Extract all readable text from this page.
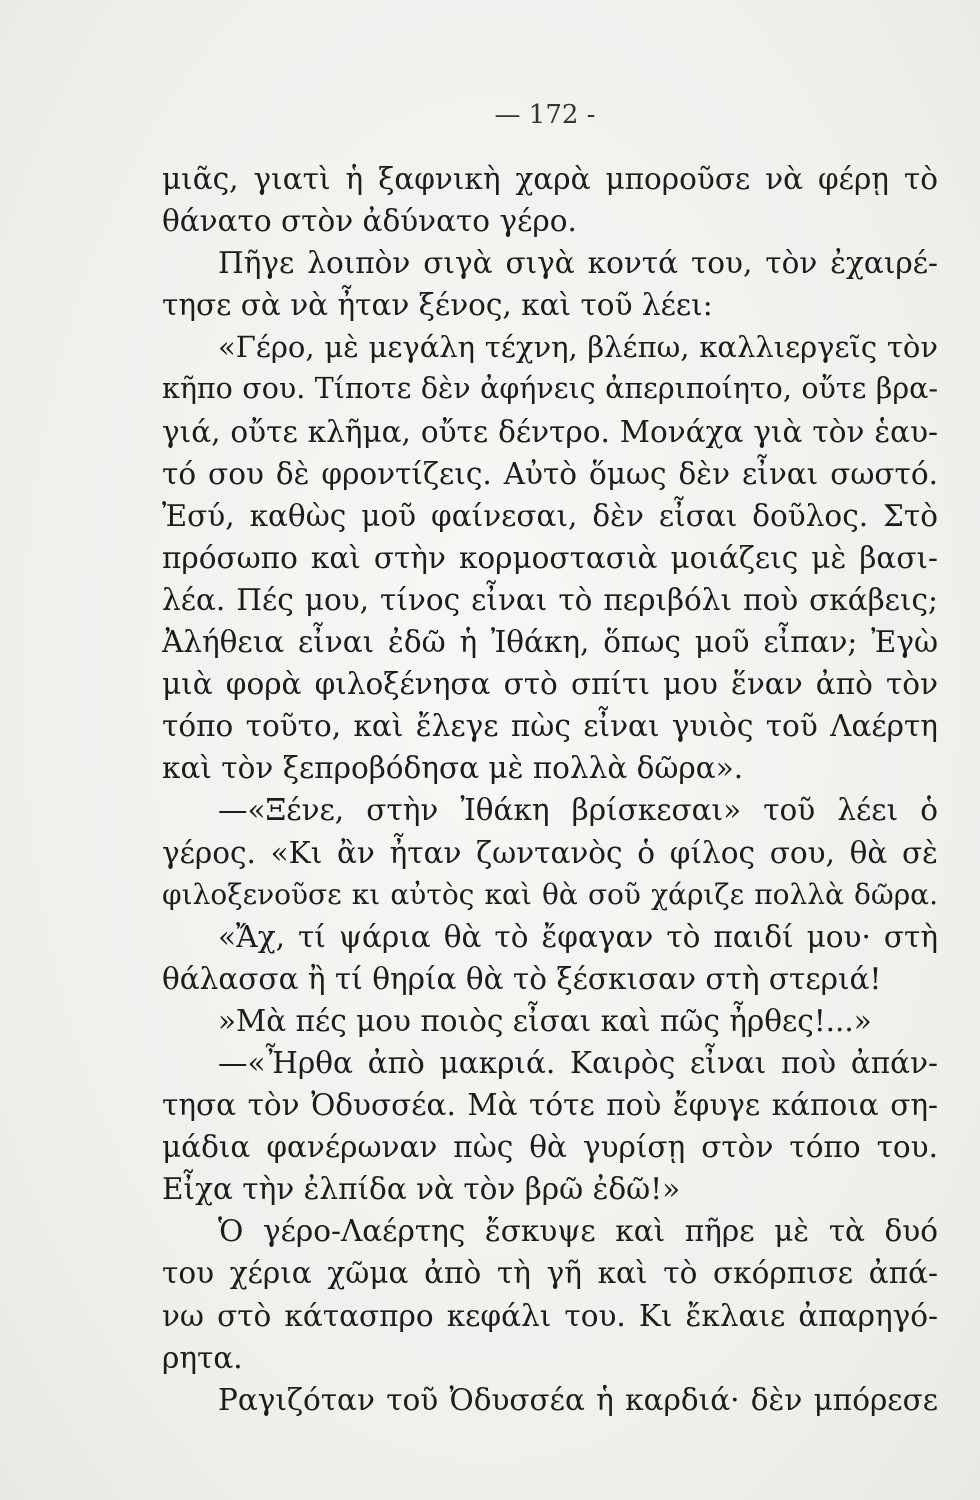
— 172 -
μιᾶς, γιατὶ ἡ ξαφνικὴ χαρὰ μποροῦσε νὰ φέρῃ τὸ
θάνατο στὸν ἀδύνατο γέρο.
Πῆγε λοιπὸν σιγὰ σιγὰ κοντά του, τὸν ἐχαιρέ-
τησε σὰ νὰ ἦταν ξένος, καὶ τοῦ λέει:
«Γέρο, μὲ μεγάλη τέχνη, βλέπω, καλλιεργεῖς τὸν
κῆπο σου. Τίποτε δὲν ἀφήνεις ἀπεριποίητο, οὔτε βρα-
γιά, οὔτε κλῆμα, οὔτε δέντρο. Μονάχα γιὰ τὸν ἑαυ-
τό σου δὲ φροντίζεις. Αὐτὸ ὅμως δὲν εἶναι σωστό.
Ἐσύ, καθὼς μοῦ φαίνεσαι, δὲν εἶσαι δοῦλος. Στὸ
πρόσωπο καὶ στὴν κορμοστασιὰ μοιάζεις μὲ βασι-
λέα. Πές μου, τίνος εἶναι τὸ περιβόλι ποὺ σκάβεις;
Ἀλήθεια εἶναι ἐδῶ ἡ Ἰθάκη, ὅπως μοῦ εἶπαν; Ἐγὼ
μιὰ φορὰ φιλοξένησα στὸ σπίτι μου ἕναν ἀπὸ τὸν
τόπο τοῦτο, καὶ ἔλεγε πὼς εἶναι γυιὸς τοῦ Λαέρτη
καὶ τὸν ξεπροβόδησα μὲ πολλὰ δῶρα».
—«Ξένε, στὴν Ἰθάκη βρίσκεσαι» τοῦ λέει ὁ
γέρος. «Κι ἂν ἦταν ζωντανὸς ὁ φίλος σου, θὰ σὲ
φιλοξενοῦσε κι αὐτὸς καὶ θὰ σοῦ χάριζε πολλὰ δῶρα.
«Ἄχ, τί ψάρια θὰ τὸ ἔφαγαν τὸ παιδί μου· στὴ
θάλασσα ἢ τί θηρία θὰ τὸ ξέσκισαν στὴ στεριά!
»Μὰ πές μου ποιὸς εἶσαι καὶ πῶς ἦρθες!...»
—«Ἦρθα ἀπὸ μακριά. Καιρὸς εἶναι ποὺ ἀπάν-
τησα τὸν Ὀδυσσέα. Μὰ τότε ποὺ ἔφυγε κάποια ση-
μάδια φανέρωναν πὼς θὰ γυρίσῃ στὸν τόπο του.
Εἶχα τὴν ἐλπίδα νὰ τὸν βρῶ ἐδῶ!»
Ὁ γέρο-Λαέρτης ἔσκυψε καὶ πῆρε μὲ τὰ δυό
του χέρια χῶμα ἀπὸ τὴ γῆ καὶ τὸ σκόρπισε ἀπά-
νω στὸ κάτασπρο κεφάλι του. Κι ἔκλαιε ἀπαρηγό-
ρητα.
Ραγιζόταν τοῦ Ὀδυσσέα ἡ καρδιά· δὲν μπόρεσε
